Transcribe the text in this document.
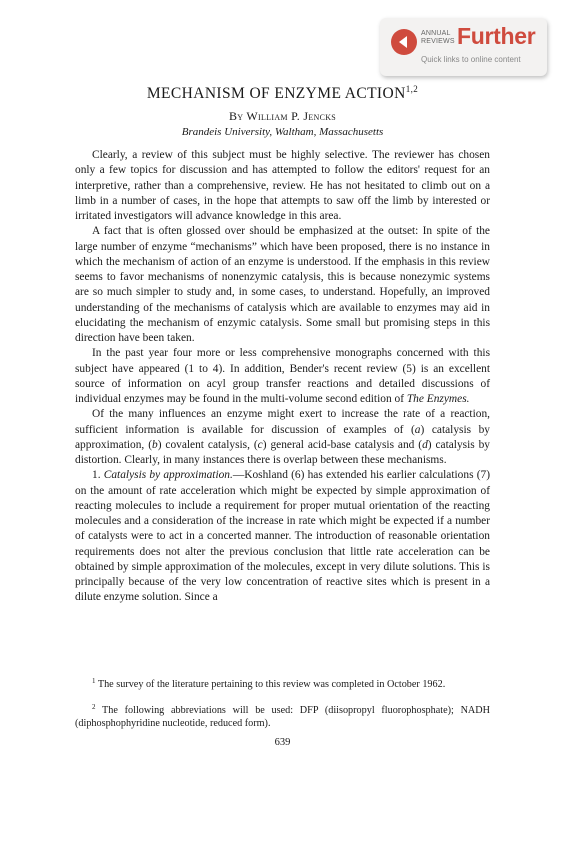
ANNUAL
REVIEWS Further
Quick links to online content
MECHANISM OF ENZYME ACTION$^{1,2}$
By William P. Jencks
Brandeis University, Waltham, Massachusetts

Clearly, a review of this subject must be highly selective. The reviewer has chosen only a few topics for discussion and has attempted to follow the editors' request for an interpretive, rather than a comprehensive, review. He has not hesitated to climb out on a limb in a number of cases, in the hope that attempts to saw off the limb by interested or irritated investigators will advance knowledge in this area.

A fact that is often glossed over should be emphasized at the outset: In spite of the large number of enzyme “mechanisms” which have been proposed, there is no instance in which the mechanism of action of an enzyme is understood. If the emphasis in this review seems to favor mechanisms of nonenzymic catalysis, this is because nonezymic systems are so much simpler to study and, in some cases, to understand. Hopefully, an improved understanding of the mechanisms of catalysis which are available to enzymes may aid in elucidating the mechanism of enzymic catalysis. Some small but promising steps in this direction have been taken.

In the past year four more or less comprehensive monographs concerned with this subject have appeared (1 to 4). In addition, Bender's recent review (5) is an excellent source of information on acyl group transfer reactions and detailed discussions of individual enzymes may be found in the multi-volume second edition of The Enzymes.

Of the many influences an enzyme might exert to increase the rate of a reaction, sufficient information is available for discussion of examples of (a) catalysis by approximation, (b) covalent catalysis, (c) general acid-base catalysis and (d) catalysis by distortion. Clearly, in many instances there is overlap between these mechanisms.

1. Catalysis by approximation.—Koshland (6) has extended his earlier calculations (7) on the amount of rate acceleration which might be expected by simple approximation of reacting molecules to include a requirement for proper mutual orientation of the reacting molecules and a consideration of the increase in rate which might be expected if a number of catalysts were to act in a concerted manner. The introduction of reasonable orientation requirements does not alter the previous conclusion that little rate acceleration can be obtained by simple approximation of the molecules, except in very dilute solutions. This is principally because of the very low concentration of reactive sites which is present in a dilute enzyme solution. Since a

$^1$ The survey of the literature pertaining to this review was completed in October 1962.
$^2$ The following abbreviations will be used: DFP (diisopropyl fluorophosphate); NADH (diphosphophyridine nucleotide, reduced form).
639
